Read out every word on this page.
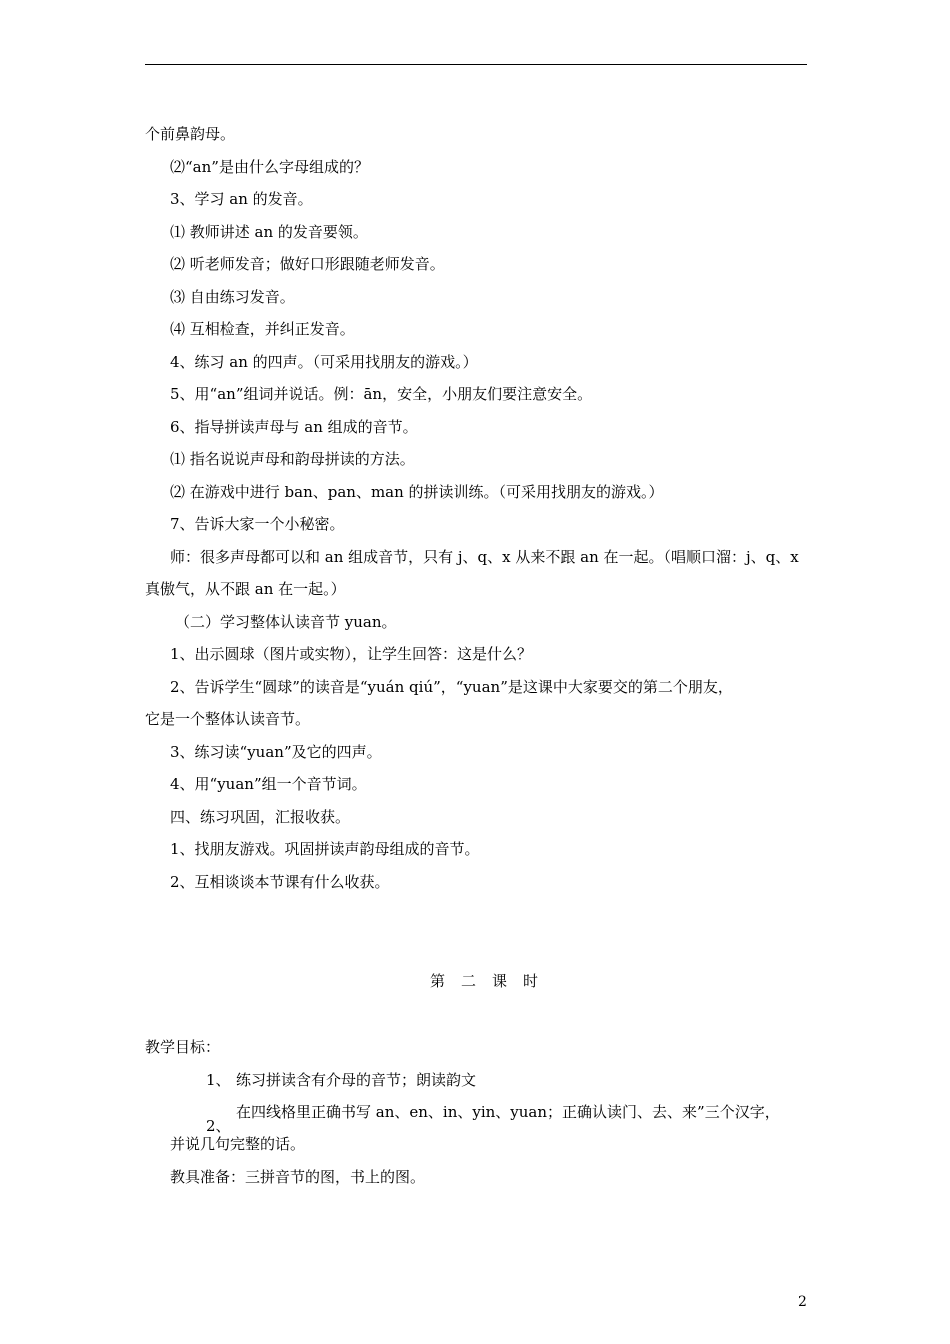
个前鼻韵母。
⑵“an”是由什么字母组成的？
3、学习 an 的发音。
⑴ 教师讲述 an 的发音要领。
⑵ 听老师发音；做好口形跟随老师发音。
⑶ 自由练习发音。
⑷ 互相检查，并纠正发音。
4、练习 an 的四声。（可采用找朋友的游戏。）
5、用“an”组词并说话。例：ān，安全，小朋友们要注意安全。
6、指导拼读声母与 an 组成的音节。
⑴ 指名说说声母和韵母拼读的方法。
⑵ 在游戏中进行 ban、pan、man 的拼读训练。（可采用找朋友的游戏。）
7、告诉大家一个小秘密。
师：很多声母都可以和 an 组成音节，只有 j、q、x 从来不跟 an 在一起。（唱顺口溜：j、q、x
真傲气，从不跟 an 在一起。）
（二）学习整体认读音节 yuan。
1、出示圆球（图片或实物），让学生回答：这是什么？
2、告诉学生“圆球”的读音是“yuán qiú”，“yuan”是这课中大家要交的第二个朋友，
它是一个整体认读音节。
3、练习读“yuan”及它的四声。
4、用“yuan”组一个音节词。
四、练习巩固，汇报收获。
1、找朋友游戏。巩固拼读声韵母组成的音节。
2、互相谈谈本节课有什么收获。
第二课时
教学目标：
1、 练习拼读含有介母的音节；朗读韵文
2、
在四线格里正确书写 an、en、in、yin、yuan；正确认读门、去、来”三个汉字，
并说几句完整的话。
教具准备：三拼音节的图，书上的图。
2
